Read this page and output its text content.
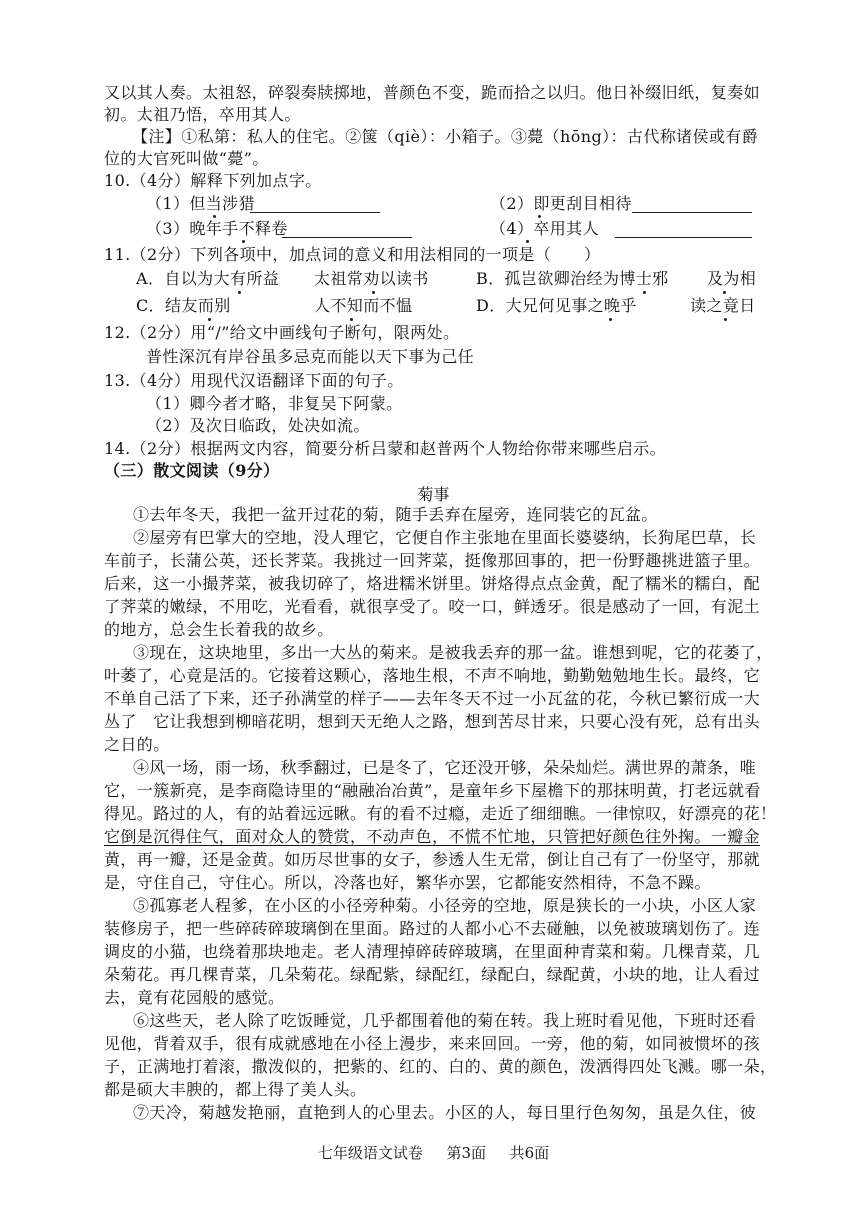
又以其人奏。太祖怒，碎裂奏牍掷地，普颜色不变，跪而拾之以归。他日补缀旧纸，复奏如
初。太祖乃悟，卒用其人。
【注】①私第：私人的住宅。②箧（qiè）：小箱子。③薨（hōng）：古代称诸侯或有爵
位的大官死叫做“薨”。
10.（4分）解释下列加点字。
（1）但当涉猎	（2）即更刮目相待
（3）晚年手不释卷	（4）卒用其人
11.（2分）下列各项中，加点词的意义和用法相同的一项是（　　）
A．自以为大有所益 太祖常劝以读书	B．孤岂欲卿治经为博士邪 及为相
C．结友而别	人不知而不愠	D．大兄何见事之晚乎	读之竟日
12.（2分）用“/”给文中画线句子断句，限两处。
普性深沉有岸谷虽多忌克而能以天下事为己任
13.（4分）用现代汉语翻译下面的句子。
（1）卿今者才略，非复吴下阿蒙。
（2）及次日临政，处决如流。
14.（2分）根据两文内容，简要分析吕蒙和赵普两个人物给你带来哪些启示。
（三）散文阅读（9分）
菊事
①去年冬天，我把一盆开过花的菊，随手丢弃在屋旁，连同装它的瓦盆。
②屋旁有巴掌大的空地，没人理它，它便自作主张地在里面长婆婆纳，长狗尾巴草，长
车前子，长蒲公英，还长荠菜。我挑过一回荠菜，挺像那回事的，把一份野趣挑进篮子里。
后来，这一小撮荠菜，被我切碎了，烙进糯米饼里。饼烙得点点金黄，配了糯米的糯白，配
了荠菜的嫩绿，不用吃，光看看，就很享受了。咬一口，鲜透牙。很是感动了一回，有泥土
的地方，总会生长着我的故乡。
③现在，这块地里，多出一大丛的菊来。是被我丢弃的那一盆。谁想到呢，它的花萎了，
叶萎了，心竟是活的。它接着这颗心，落地生根，不声不响地，勤勤勉勉地生长。最终，它
不单自己活了下来，还子孙满堂的样子——去年冬天不过一小瓦盆的花，今秋已繁衍成一大
丛了　它让我想到柳暗花明，想到天无绝人之路，想到苦尽甘来，只要心没有死，总有出头
之日的。
④风一场，雨一场，秋季翻过，已是冬了，它还没开够，朵朵灿烂。满世界的萧条，唯
它，一簇新亮，是李商隐诗里的“融融冶冶黄”，是童年乡下屋檐下的那抹明黄，打老远就看
得见。路过的人，有的站着远远瞅。有的看不过瘾，走近了细细瞧。一律惊叹，好漂亮的花！
它倒是沉得住气，面对众人的赞赏，不动声色，不慌不忙地，只管把好颜色往外掬。一瓣金
黄，再一瓣，还是金黄。如历尽世事的女子，参透人生无常，倒让自己有了一份坚守，那就
是，守住自己，守住心。所以，冷落也好，繁华亦罢，它都能安然相待，不急不躁。
⑤孤寡老人程爹，在小区的小径旁种菊。小径旁的空地，原是狭长的一小块，小区人家
装修房子，把一些碎砖碎玻璃倒在里面。路过的人都小心不去碰触，以免被玻璃划伤了。连
调皮的小猫，也绕着那块地走。老人清理掉碎砖碎玻璃，在里面种青菜和菊。几棵青菜，几
朵菊花。再几棵青菜，几朵菊花。绿配紫，绿配红，绿配白，绿配黄，小块的地，让人看过
去，竟有花园般的感觉。
⑥这些天，老人除了吃饭睡觉，几乎都围着他的菊在转。我上班时看见他，下班时还看
见他，背着双手，很有成就感地在小径上漫步，来来回回。一旁，他的菊，如同被惯坏的孩
子，正满地打着滚，撒泼似的，把紫的、红的、白的、黄的颜色，泼洒得四处飞溅。哪一朵，
都是硕大丰腴的，都上得了美人头。
⑦天冷，菊越发艳丽，直艳到人的心里去。小区的人，每日里行色匆匆，虽是久住，彼
七年级语文试卷 第3面 共6面
